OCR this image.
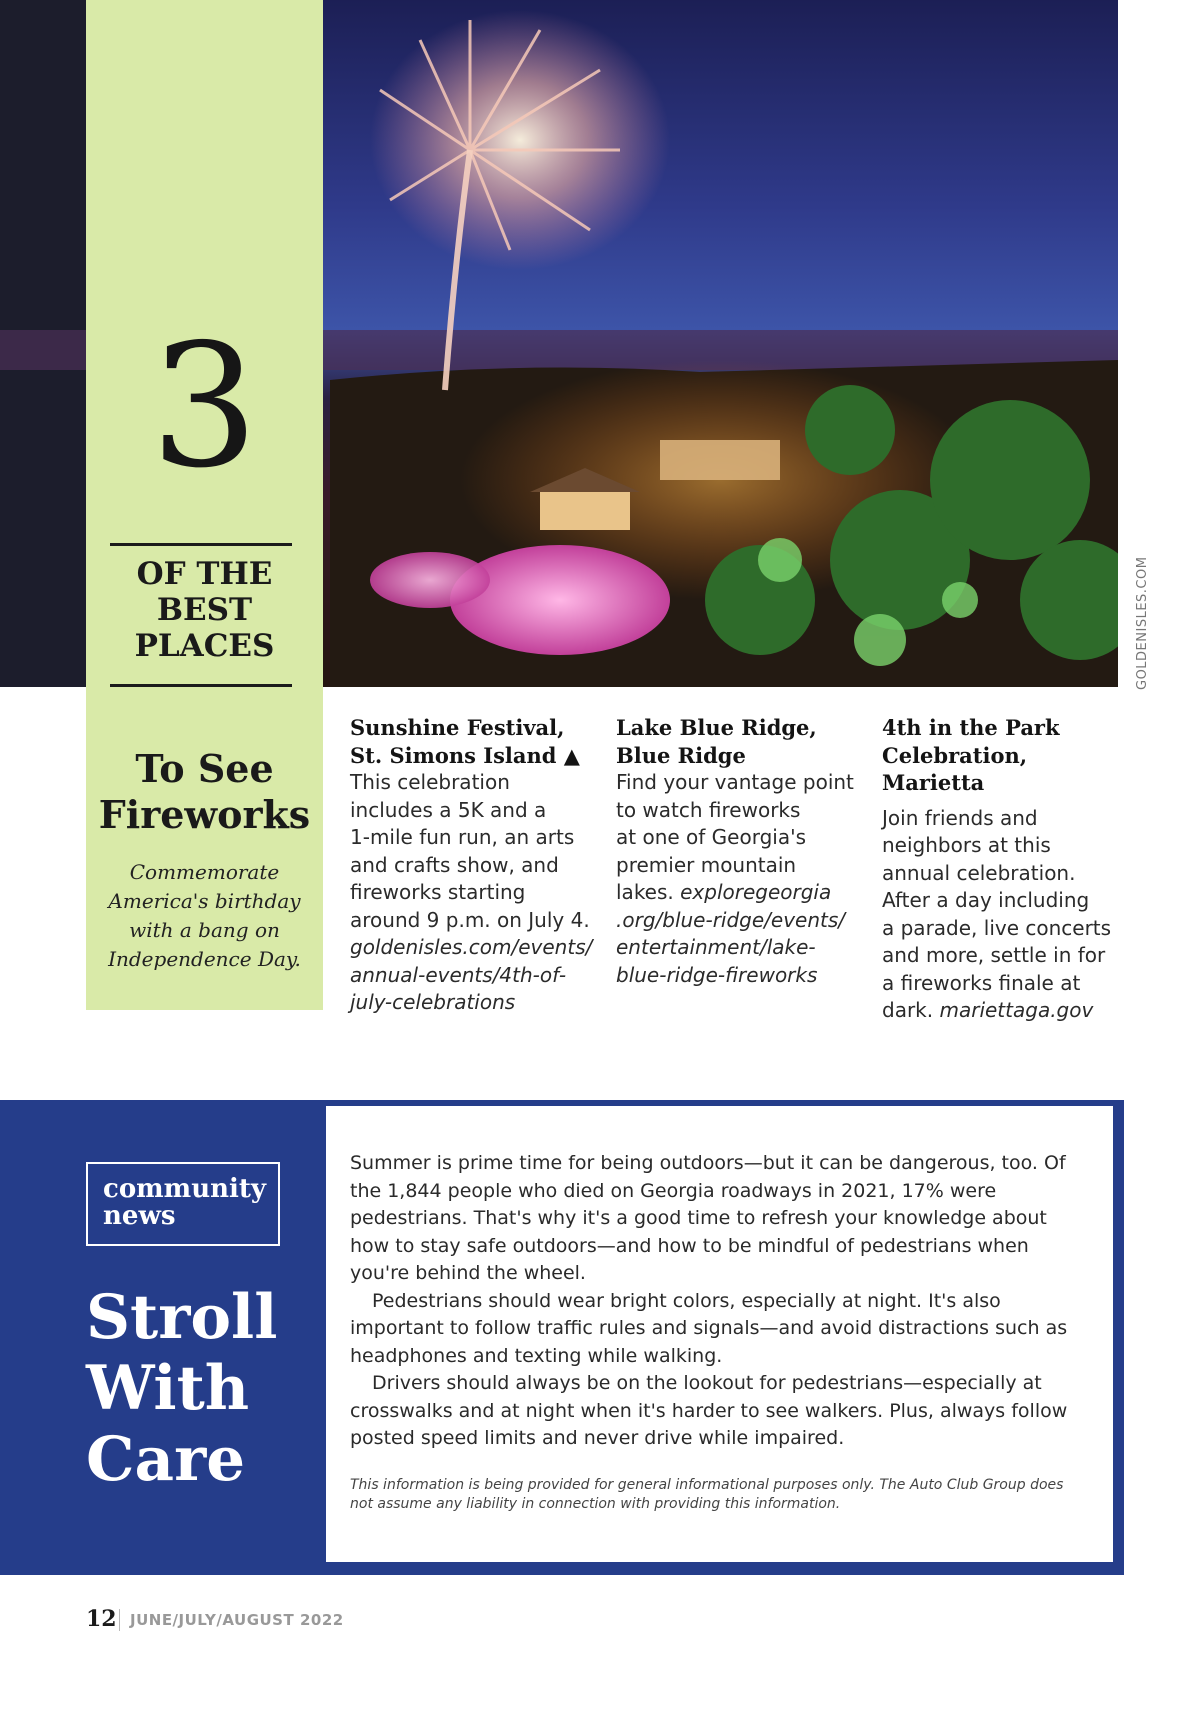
GOLDENISLES.COM
3
OF THE
BEST
PLACES
To See
Fireworks
Commemorate
America's birthday
with a bang on
Independence Day.
Sunshine Festival,
St. Simons Island ▲
This celebration
includes a 5K and a
1-mile fun run, an arts
and crafts show, and
fireworks starting
around 9 p.m. on July 4.
goldenisles.com/events/
annual-events/4th-of-
july-celebrations
Lake Blue Ridge,
Blue Ridge
Find your vantage point
to watch fireworks
at one of Georgia's
premier mountain
lakes. exploregeorgia
.org/blue-ridge/events/
entertainment/lake-
blue-ridge-fireworks
4th in the Park
Celebration,
Marietta
Join friends and
neighbors at this
annual celebration.
After a day including
a parade, live concerts
and more, settle in for
a fireworks finale at
dark. mariettaga.gov
community
news
Stroll
With
Care

Summer is prime time for being outdoors—but it can be dangerous, too. Of the 1,844 people who died on Georgia roadways in 2021, 17% were pedestrians. That's why it's a good time to refresh your knowledge about how to stay safe outdoors—and how to be mindful of pedestrians when you're behind the wheel.

Pedestrians should wear bright colors, especially at night. It's also important to follow traffic rules and signals—and avoid distractions such as headphones and texting while walking.

Drivers should always be on the lookout for pedestrians—especially at crosswalks and at night when it's harder to see walkers. Plus, always follow posted speed limits and never drive while impaired.

This information is being provided for general informational purposes only. The Auto Club Group does not assume any liability in connection with providing this information.
12 JUNE/JULY/AUGUST 2022
